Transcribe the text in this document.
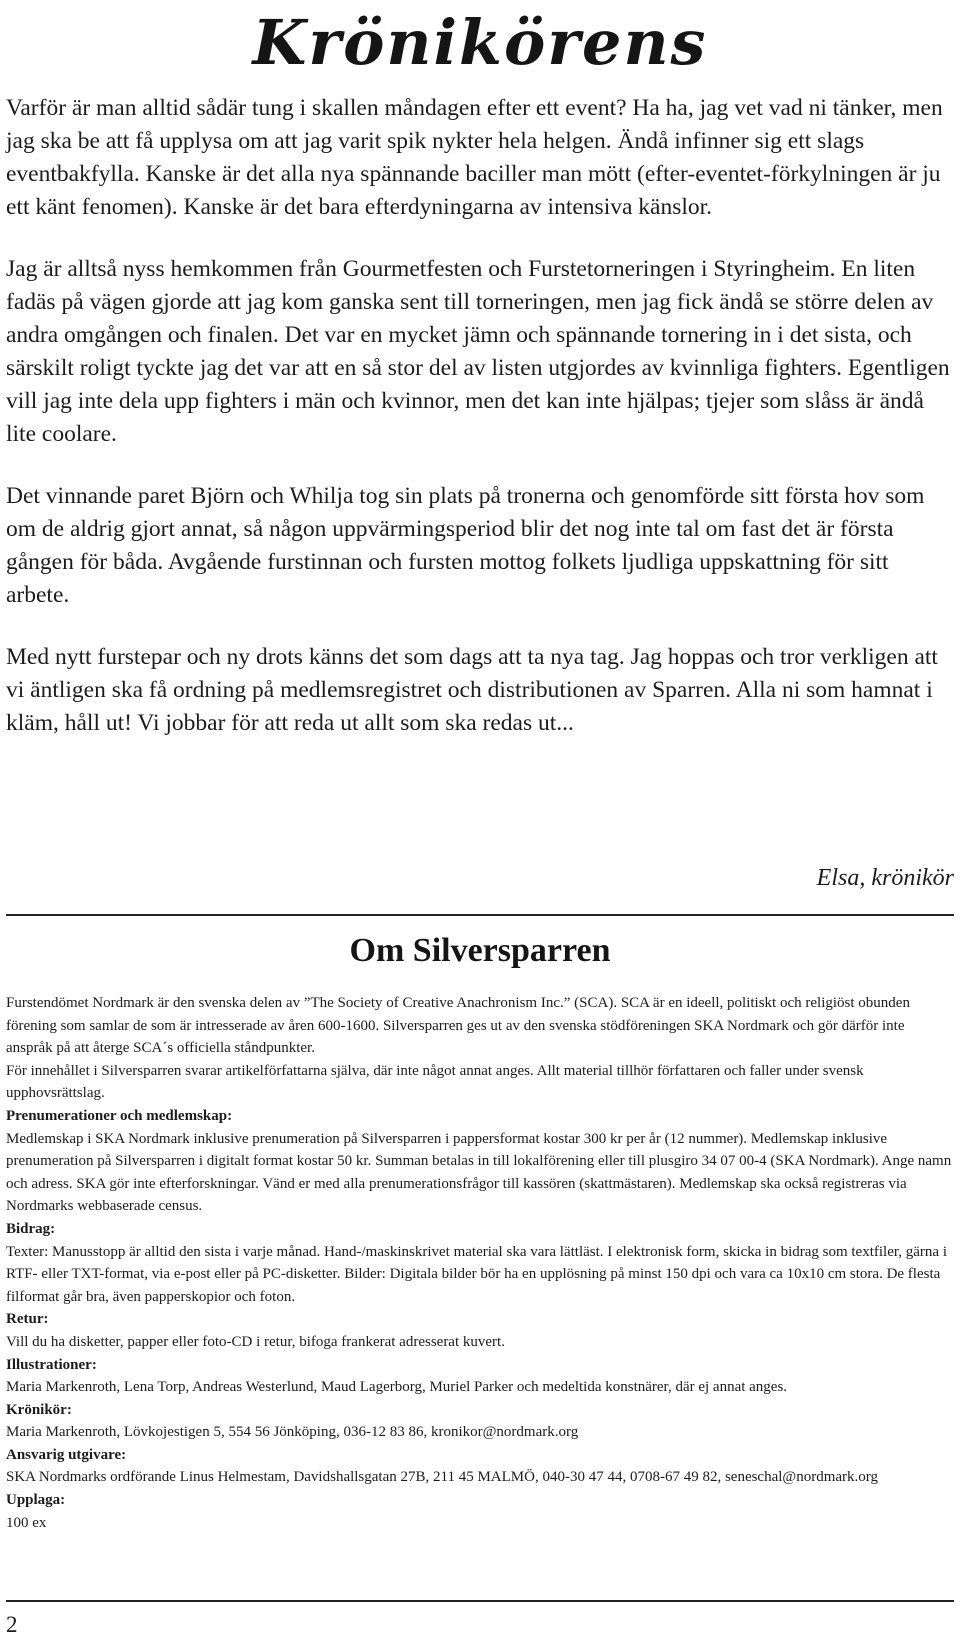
Krönikörens

Varför är man alltid sådär tung i skallen måndagen efter ett event? Ha ha, jag vet vad ni tänker, men jag ska be att få upplysa om att jag varit spik nykter hela helgen. Ändå infinner sig ett slags eventbakfylla. Kanske är det alla nya spännande baciller man mött (efter-eventet-förkylningen är ju ett känt fenomen). Kanske är det bara efterdyningarna av intensiva känslor.

Jag är alltså nyss hemkommen från Gourmetfesten och Furstetorneringen i Styringheim. En liten fadäs på vägen gjorde att jag kom ganska sent till torneringen, men jag fick ändå se större delen av andra omgången och finalen. Det var en mycket jämn och spännande tornering in i det sista, och särskilt roligt tyckte jag det var att en så stor del av listen utgjordes av kvinnliga fighters. Egentligen vill jag inte dela upp fighters i män och kvinnor, men det kan inte hjälpas; tjejer som slåss är ändå lite coolare.

Det vinnande paret Björn och Whilja tog sin plats på tronerna och genomförde sitt första hov som om de aldrig gjort annat, så någon uppvärmingsperiod blir det nog inte tal om fast det är första gången för båda. Avgående furstinnan och fursten mottog folkets ljudliga uppskattning för sitt arbete.

Med nytt furstepar och ny drots känns det som dags att ta nya tag. Jag hoppas och tror verkligen att vi äntligen ska få ordning på medlemsregistret och distributionen av Sparren. Alla ni som hamnat i kläm, håll ut! Vi jobbar för att reda ut allt som ska redas ut...

Elsa, krönikör
Om Silversparren

Furstendömet Nordmark är den svenska delen av ”The Society of Creative Anachronism Inc.” (SCA). SCA är en ideell, politiskt och religiöst obunden förening som samlar de som är intresserade av åren 600-1600. Silversparren ges ut av den svenska stödföreningen SKA Nordmark och gör därför inte anspråk på att återge SCA´s officiella ståndpunkter.

För innehållet i Silversparren svarar artikelförfattarna själva, där inte något annat anges. Allt material tillhör författaren och faller under svensk upphovsrättslag.

Prenumerationer och medlemskap:

Medlemskap i SKA Nordmark inklusive prenumeration på Silversparren i pappersformat kostar 300 kr per år (12 nummer). Medlemskap inklusive prenumeration på Silversparren i digitalt format kostar 50 kr. Summan betalas in till lokalförening eller till plusgiro 34 07 00-4 (SKA Nordmark). Ange namn och adress. SKA gör inte efterforskningar. Vänd er med alla prenumerationsfrågor till kassören (skattmästaren). Medlemskap ska också registreras via Nordmarks webbaserade census.

Bidrag:

Texter: Manusstopp är alltid den sista i varje månad. Hand-/maskinskrivet material ska vara lättläst. I elektronisk form, skicka in bidrag som textfiler, gärna i RTF- eller TXT-format, via e-post eller på PC-disketter. Bilder: Digitala bilder bör ha en upplösning på minst 150 dpi och vara ca 10x10 cm stora. De flesta filformat går bra, även papperskopior och foton.

Retur:

Vill du ha disketter, papper eller foto-CD i retur, bifoga frankerat adresserat kuvert.

Illustrationer:

Maria Markenroth, Lena Torp, Andreas Westerlund, Maud Lagerborg, Muriel Parker och medeltida konstnärer, där ej annat anges.

Krönikör:

Maria Markenroth, Lövkojestigen 5, 554 56 Jönköping, 036-12 83 86, kronikor@nordmark.org

Ansvarig utgivare:

SKA Nordmarks ordförande Linus Helmestam, Davidshallsgatan 27B, 211 45 MALMÖ, 040-30 47 44, 0708-67 49 82, seneschal@nordmark.org

Upplaga:

100 ex

2
